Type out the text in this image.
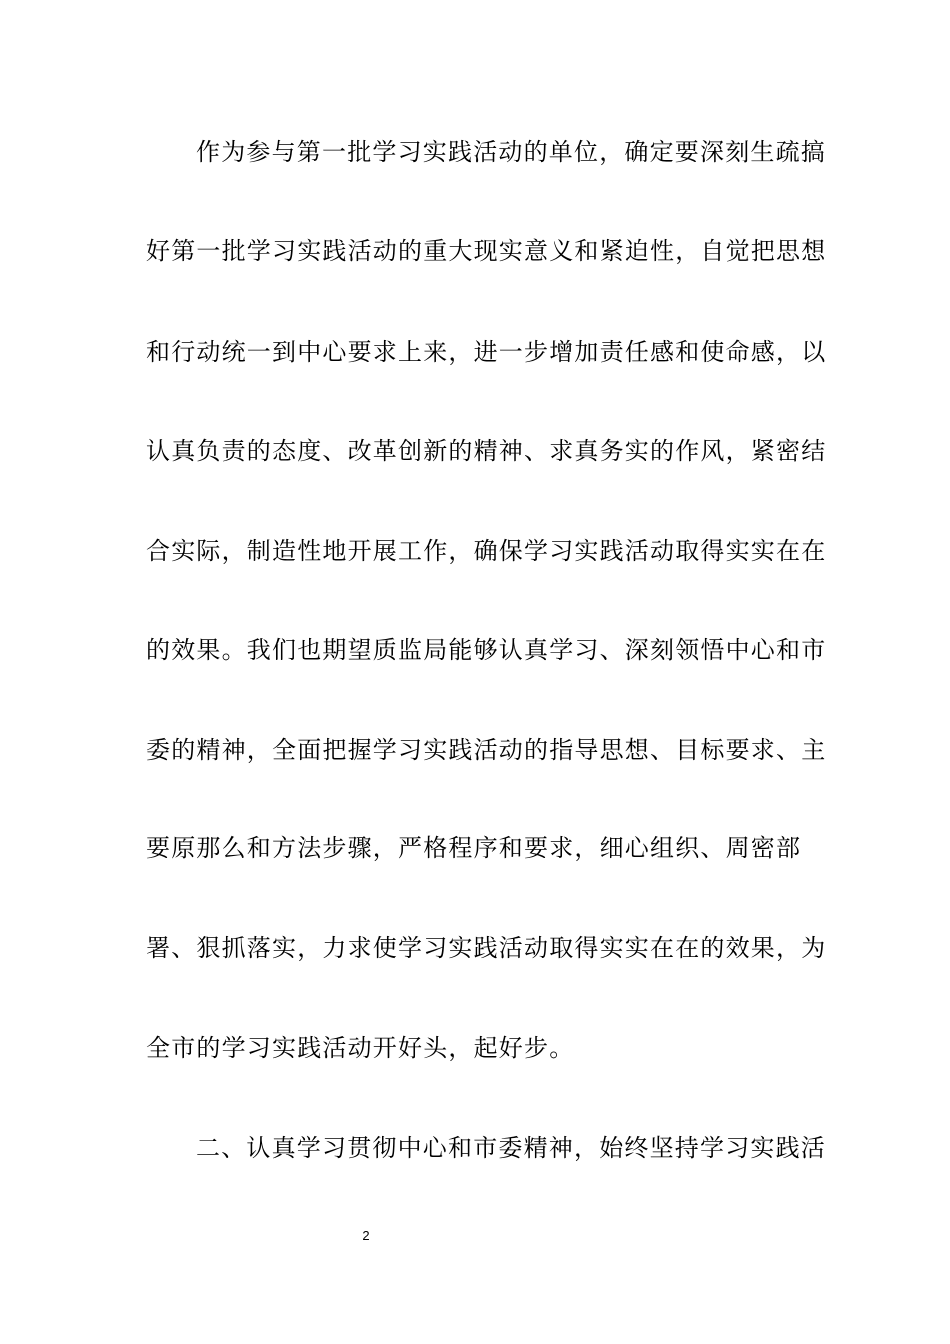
作为参与第一批学习实践活动的单位，确定要深刻生疏搞
好第一批学习实践活动的重大现实意义和紧迫性，自觉把思想
和行动统一到中心要求上来，进一步增加责任感和使命感，以
认真负责的态度、改革创新的精神、求真务实的作风，紧密结
合实际，制造性地开展工作，确保学习实践活动取得实实在在
的效果。我们也期望质监局能够认真学习、深刻领悟中心和市
委的精神，全面把握学习实践活动的指导思想、目标要求、主
要原那么和方法步骤，严格程序和要求，细心组织、周密部
署、狠抓落实，力求使学习实践活动取得实实在在的效果，为
全市的学习实践活动开好头，起好步。
二、认真学习贯彻中心和市委精神，始终坚持学习实践活
2
